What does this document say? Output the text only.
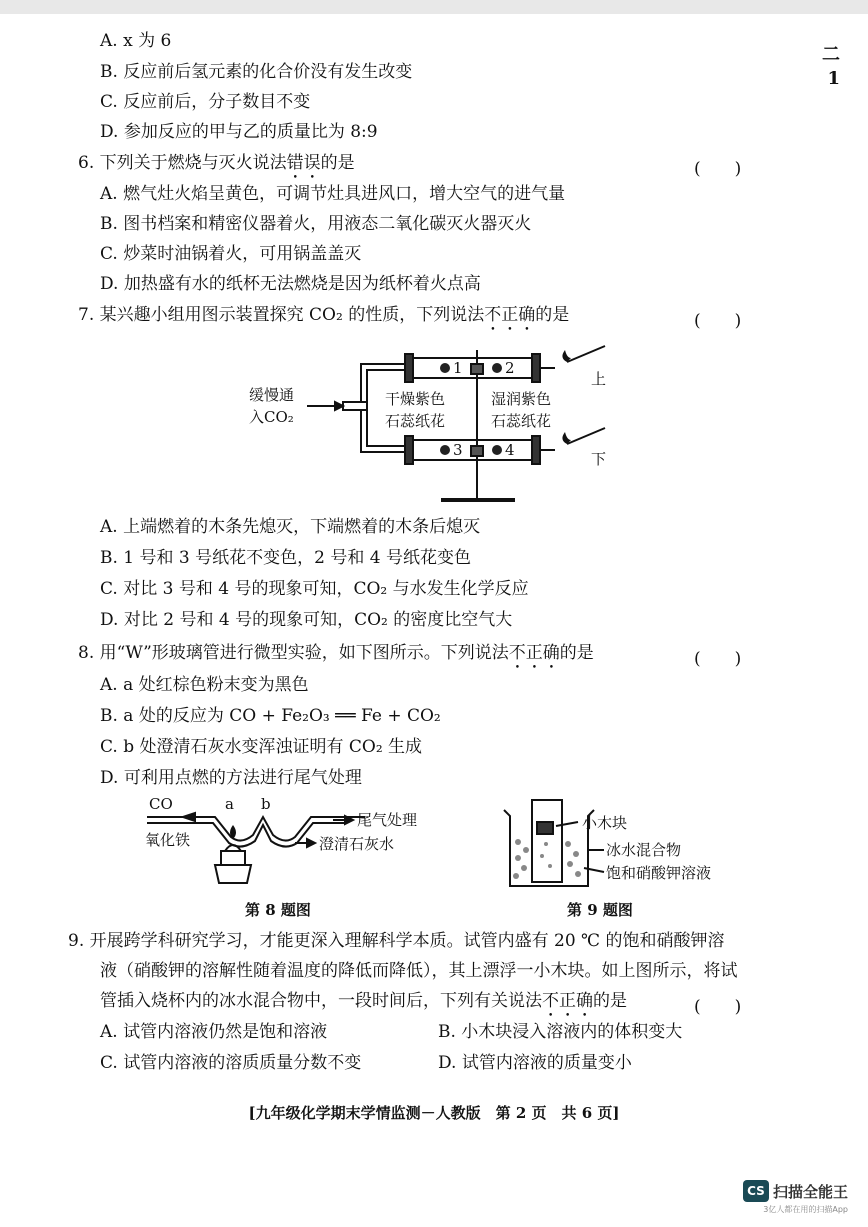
二
1
A. x 为 6
B. 反应前后氢元素的化合价没有发生改变
C. 反应前后，分子数目不变
D. 参加反应的甲与乙的质量比为 8:9
6. 下列关于燃烧与灭火说法错误的是	(　　)
A. 燃气灶火焰呈黄色，可调节灶具进风口，增大空气的进气量
B. 图书档案和精密仪器着火，用液态二氧化碳灭火器灭火
C. 炒菜时油锅着火，可用锅盖盖灭
D. 加热盛有水的纸杯无法燃烧是因为纸杯着火点高
7. 某兴趣小组用图示装置探究 CO₂ 的性质，下列说法不正确的是	(　　)
缓慢通
入CO₂
干燥紫色
石蕊纸花
湿润紫色
石蕊纸花
1	2
3	4
上
下
A. 上端燃着的木条先熄灭，下端燃着的木条后熄灭
B. 1 号和 3 号纸花不变色，2 号和 4 号纸花变色
C. 对比 3 号和 4 号的现象可知，CO₂ 与水发生化学反应
D. 对比 2 号和 4 号的现象可知，CO₂ 的密度比空气大
8. 用“W”形玻璃管进行微型实验，如下图所示。下列说法不正确的是	(　　)
A. a 处红棕色粉末变为黑色
B. a 处的反应为 CO + Fe₂O₃ ══ Fe + CO₂
C. b 处澄清石灰水变浑浊证明有 CO₂ 生成
D. 可利用点燃的方法进行尾气处理
CO	a b
尾气处理
氧化铁	澄清石灰水
第 8 题图
小木块
冰水混合物
饱和硝酸钾溶液
第 9 题图
9. 开展跨学科研究学习，才能更深入理解科学本质。试管内盛有 20 ℃ 的饱和硝酸钾溶
液（硝酸钾的溶解性随着温度的降低而降低），其上漂浮一小木块。如上图所示，将试
管插入烧杯内的冰水混合物中，一段时间后，下列有关说法不正确的是	(　　)
A. 试管内溶液仍然是饱和溶液	B. 小木块浸入溶液内的体积变大
C. 试管内溶液的溶质质量分数不变	D. 试管内溶液的质量变小
[九年级化学期末学情监测－人教版　第 2 页　共 6 页]
CS 扫描全能王
3亿人都在用的扫描App
